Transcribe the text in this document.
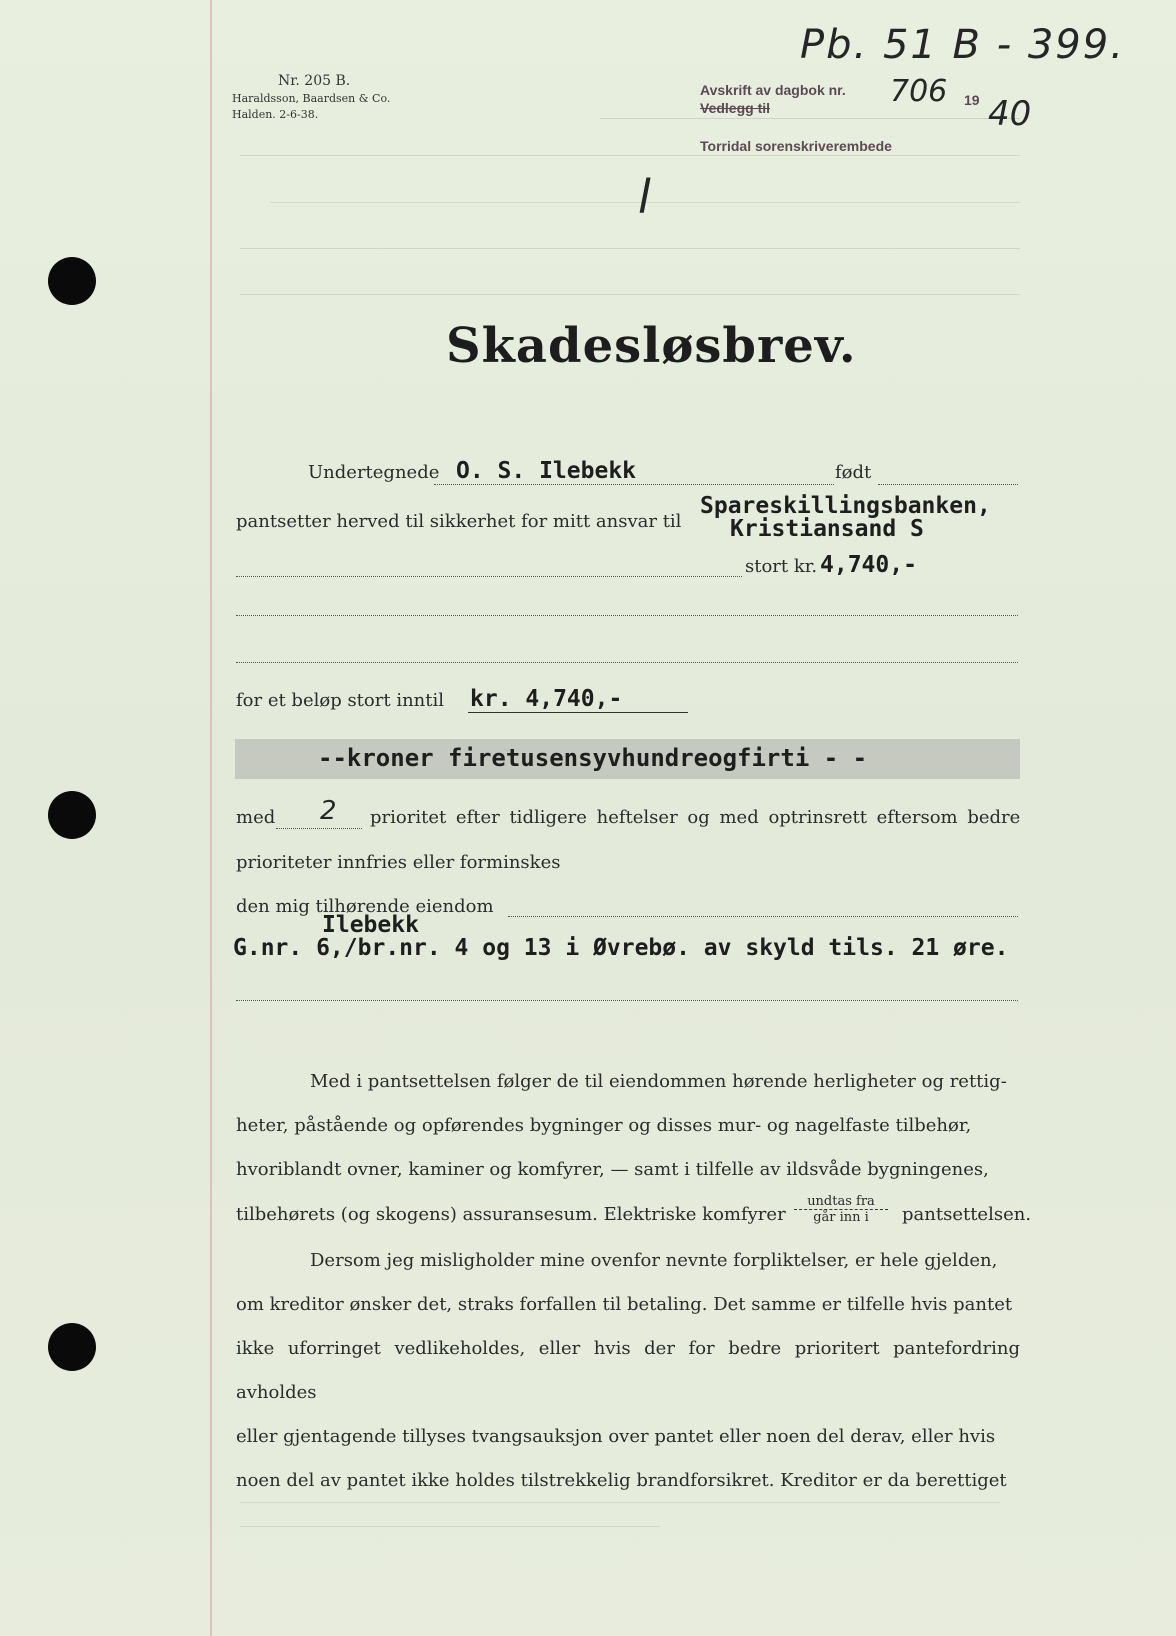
Nr. 205 B.
Haraldsson, Baardsen & Co.
Halden. 2-6-38.
Avskrift av dagbok nr.
Vedlegg til
Torridal sorenskriverembede
706 19 40
Pb. 51 B - 399.
l
Skadesløsbrev.
Undertegnede O. S. Ilebekk	født
pantsetter herved til sikkerhet for mitt ansvar til
Spareskillingsbanken,
Kristiansand S
stort kr. 4,740,-
for et beløp stort inntil kr. 4,740,-
--kroner firetusensyvhundreogfirti - -
med 2 prioritet efter tidligere heftelser og med optrinsrett eftersom bedre
prioriteter innfries eller forminskes
den mig tilhørende eiendom
Ilebekk
G.nr. 6,/br.nr. 4 og 13 i Øvrebø. av skyld tils. 21 øre.

Med i pantsettelsen følger de til eiendommen hørende herligheter og rettig-

heter, påstående og opførendes bygninger og disses mur- og nagelfaste tilbehør,

hvoriblandt ovner, kaminer og komfyrer, — samt i tilfelle av ildsvåde bygningenes,

tilbehørets (og skogens) assuransesum. Elektriske komfyrer
undtas fra
går inn i	pantsettelsen.

Dersom jeg misligholder mine ovenfor nevnte forpliktelser, er hele gjelden,

om kreditor ønsker det, straks forfallen til betaling. Det samme er tilfelle hvis pantet

ikke uforringet vedlikeholdes, eller hvis der for bedre prioritert pantefordring avholdes

eller gjentagende tillyses tvangsauksjon over pantet eller noen del derav, eller hvis

noen del av pantet ikke holdes tilstrekkelig brandforsikret. Kreditor er da berettiget
